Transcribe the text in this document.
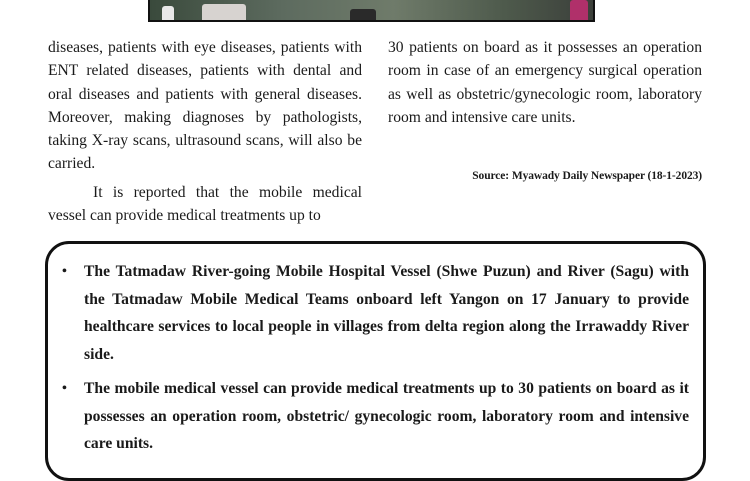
diseases, patients with eye diseases, patients with ENT related diseases, patients with dental and oral diseases and patients with general diseases. Moreover, making diagnoses by pathologists, taking X-ray scans, ultrasound scans, will also be carried.

It is reported that the mobile medical vessel can provide medical treatments up to

30 patients on board as it possesses an operation room in case of an emergency surgical operation as well as obstetric/gynecologic room, laboratory room and intensive care units.

Source: Myawady Daily Newspaper (18-1-2023)

• The Tatmadaw River-going Mobile Hospital Vessel (Shwe Puzun) and River (Sagu) with the Tatmadaw Mobile Medical Teams onboard left Yangon on 17 January to provide healthcare services to local people in villages from delta region along the Irrawaddy River side.
• The mobile medical vessel can provide medical treatments up to 30 patients on board as it possesses an operation room, obstetric/ gynecologic room, laboratory room and intensive care units.
